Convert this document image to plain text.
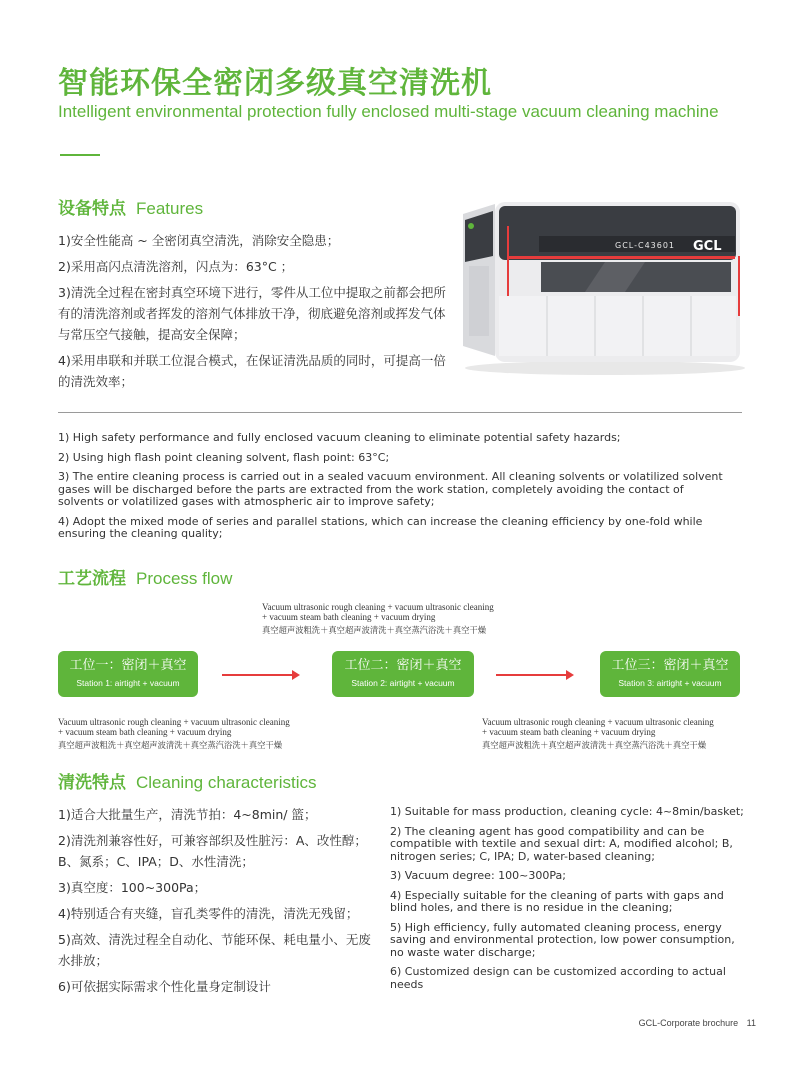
智能环保全密闭多级真空清洗机
Intelligent environmental protection fully enclosed multi-stage vacuum cleaning machine
设备特点 Features

1)安全性能高 ~ 全密闭真空清洗，消除安全隐患；

2)采用高闪点清洗溶剂，闪点为：63°C ；

3)清洗全过程在密封真空环境下进行，零件从工位中提取之前都会把所有的清洗溶剂或者挥发的溶剂气体排放干净，彻底避免溶剂或挥发气体与常压空气接触，提高安全保障；

4)采用串联和并联工位混合模式，在保证清洗品质的同时，可提高一倍的清洗效率；

GCL-C43601 GCL

1) High safety performance and fully enclosed vacuum cleaning to eliminate potential safety hazards;

2) Using high flash point cleaning solvent, flash point: 63°C;

3) The entire cleaning process is carried out in a sealed vacuum environment. All cleaning solvents or volatilized solvent gases will be discharged before the parts are extracted from the work station, completely avoiding the contact of solvents or volatilized gases with atmospheric air to improve safety;

4) Adopt the mixed mode of series and parallel stations, which can increase the cleaning efficiency by one-fold while ensuring the cleaning quality;

工艺流程 Process flow
Vacuum ultrasonic rough cleaning + vacuum ultrasonic cleaning
+ vacuum steam bath cleaning + vacuum drying
真空超声波粗洗＋真空超声波清洗＋真空蒸汽浴洗＋真空干燥
工位一：密闭＋真空
Station 1: airtight + vacuum
工位二：密闭＋真空
Station 2: airtight + vacuum
工位三：密闭＋真空
Station 3: airtight + vacuum
Vacuum ultrasonic rough cleaning + vacuum ultrasonic cleaning
+ vacuum steam bath cleaning + vacuum drying
真空超声波粗洗＋真空超声波清洗＋真空蒸汽浴洗＋真空干燥
Vacuum ultrasonic rough cleaning + vacuum ultrasonic cleaning
+ vacuum steam bath cleaning + vacuum drying
真空超声波粗洗＋真空超声波清洗＋真空蒸汽浴洗＋真空干燥
清洗特点 Cleaning characteristics

1)适合大批量生产，清洗节拍：4~8min/ 篮；

2)清洗剂兼容性好，可兼容部织及性脏污：A、改性醇；B、氮系；C、IPA；D、水性清洗；

3)真空度：100~300Pa；

4)特别适合有夹缝，盲孔类零件的清洗，清洗无残留；

5)高效、清洗过程全自动化、节能环保、耗电量小、无废水排放；

6)可依据实际需求个性化量身定制设计

1) Suitable for mass production, cleaning cycle: 4~8min/basket;

2) The cleaning agent has good compatibility and can be compatible with textile and sexual dirt: A, modified alcohol; B, nitrogen series; C, IPA; D, water-based cleaning;

3) Vacuum degree: 100~300Pa;

4) Especially suitable for the cleaning of parts with gaps and blind holes, and there is no residue in the cleaning;

5) High efficiency, fully automated cleaning process, energy saving and environmental protection, low power consumption, no waste water discharge;

6) Customized design can be customized according to actual needs

GCL-Corporate brochure 11
